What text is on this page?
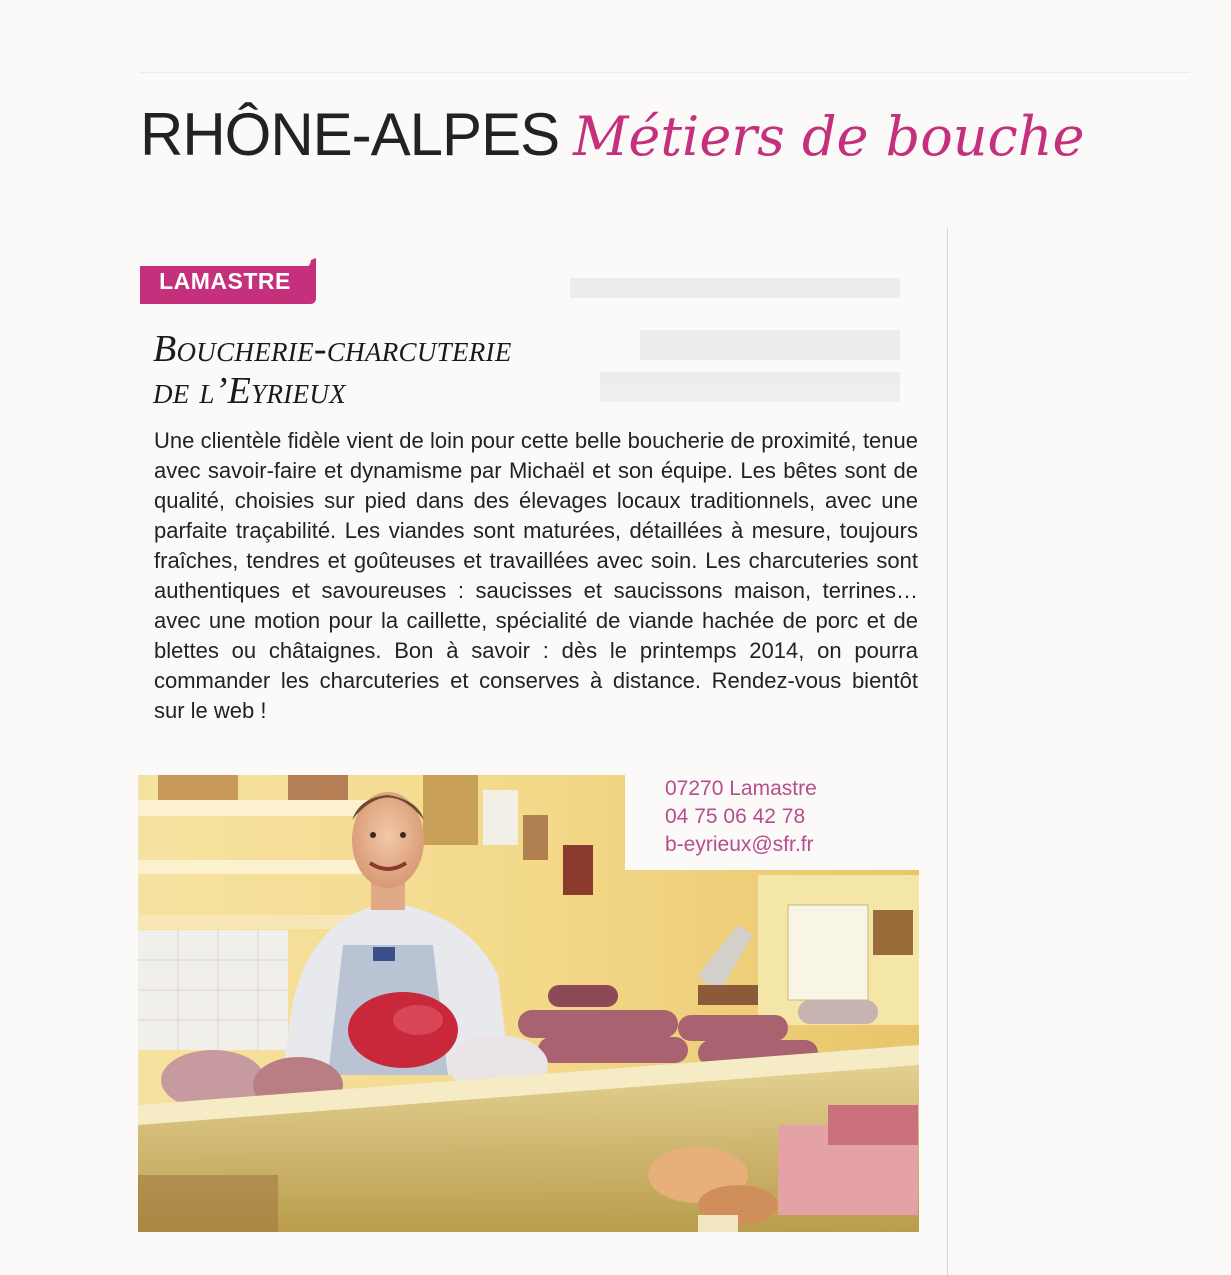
RHÔNE-ALPES Métiers de bouche
LAMASTRE
Boucherie-charcuterie
de l’Eyrieux
Une clientèle fidèle vient de loin pour cette belle boucherie de proximité, tenue avec savoir-faire et dynamisme par Michaël et son équipe. Les bêtes sont de qualité, choisies sur pied dans des élevages locaux traditionnels, avec une parfaite traçabilité. Les viandes sont maturées, détaillées à mesure, toujours fraîches, tendres et goûteuses et travaillées avec soin. Les charcuteries sont authentiques et savoureuses : saucisses et saucissons maison, terrines… avec une motion pour la caillette, spécialité de viande hachée de porc et de blettes ou châtaignes. Bon à savoir : dès le printemps 2014, on pourra commander les charcuteries et conserves à distance. Rendez-vous bientôt sur le web !
07270 Lamastre
04 75 06 42 78
b-eyrieux@sfr.fr
